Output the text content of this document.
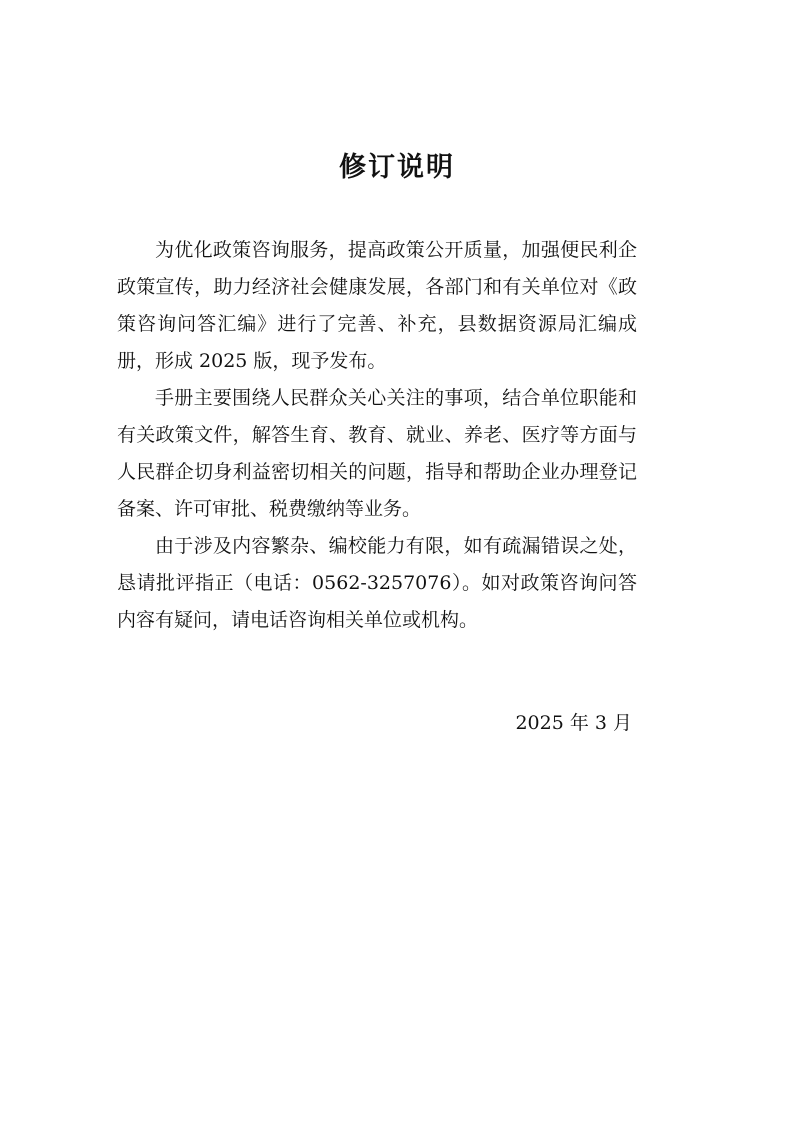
修订说明

为优化政策咨询服务，提高政策公开质量，加强便民利企政策宣传，助力经济社会健康发展，各部门和有关单位对《政策咨询问答汇编》进行了完善、补充，县数据资源局汇编成册，形成 2025 版，现予发布。

手册主要围绕人民群众关心关注的事项，结合单位职能和有关政策文件，解答生育、教育、就业、养老、医疗等方面与人民群企切身利益密切相关的问题，指导和帮助企业办理登记备案、许可审批、税费缴纳等业务。

由于涉及内容繁杂、编校能力有限，如有疏漏错误之处，恳请批评指正（电话：0562-3257076）。如对政策咨询问答内容有疑问，请电话咨询相关单位或机构。

2025 年 3 月
